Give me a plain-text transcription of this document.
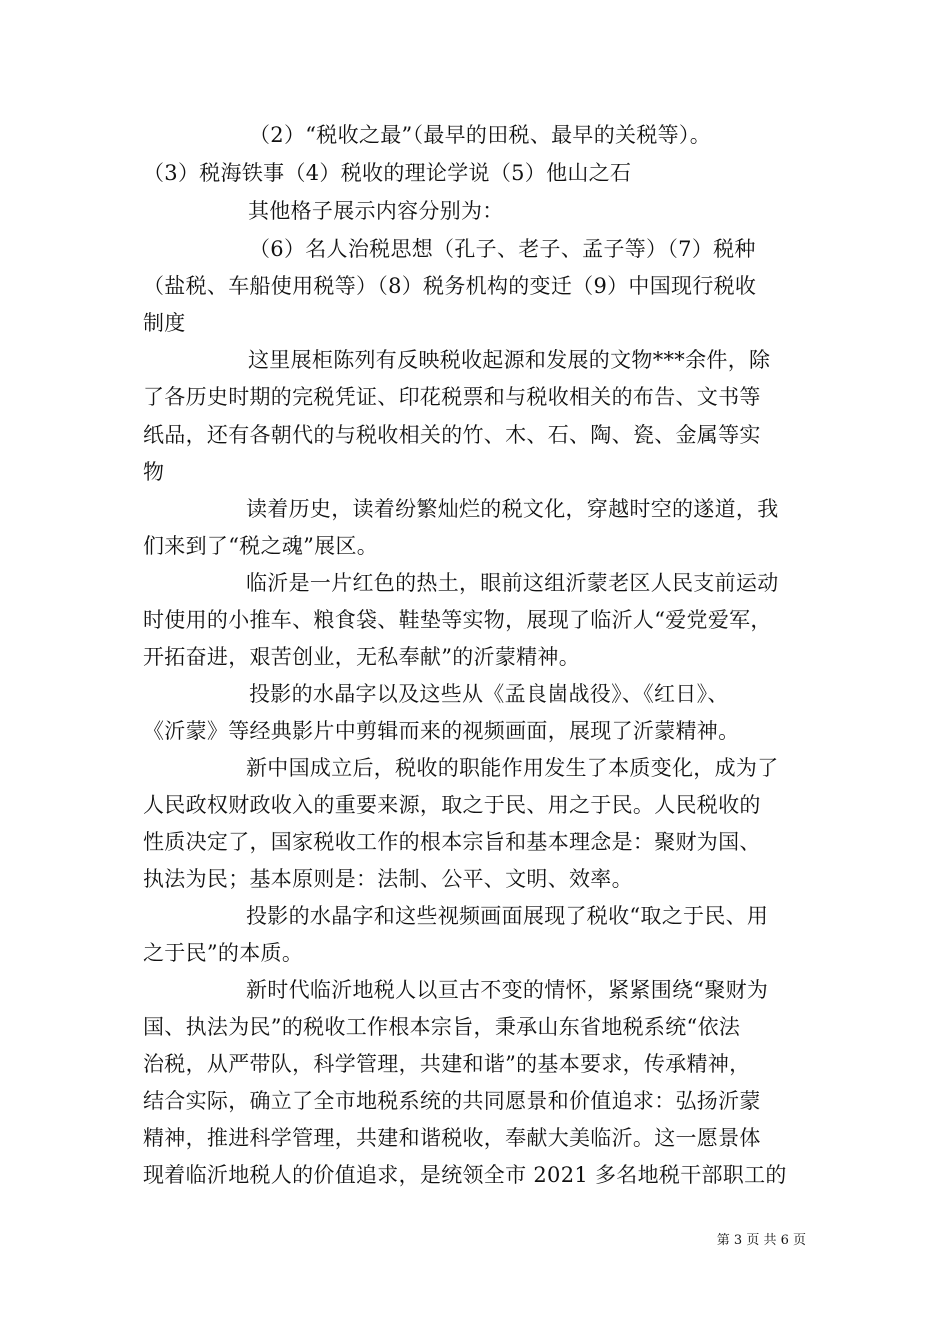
（2）“税收之最”（最早的田税、最早的关税等）。
（3）税海铁事（4）税收的理论学说（5）他山之石
其他格子展示内容分别为：
（6）名人治税思想（孔子、老子、孟子等）（7）税种
（盐税、车船使用税等）（8）税务机构的变迁（9）中国现行税收
制度
这里展柜陈列有反映税收起源和发展的文物***余件，除
了各历史时期的完税凭证、印花税票和与税收相关的布告、文书等
纸品，还有各朝代的与税收相关的竹、木、石、陶、瓷、金属等实
物
读着历史，读着纷繁灿烂的税文化，穿越时空的遂道，我
们来到了“税之魂”展区。
临沂是一片红色的热土，眼前这组沂蒙老区人民支前运动
时使用的小推车、粮食袋、鞋垫等实物，展现了临沂人“爱党爱军，
开拓奋进，艰苦创业，无私奉献”的沂蒙精神。
投影的水晶字以及这些从《孟良崮战役》、《红日》、
《沂蒙》等经典影片中剪辑而来的视频画面，展现了沂蒙精神。
新中国成立后，税收的职能作用发生了本质变化，成为了
人民政权财政收入的重要来源，取之于民、用之于民。人民税收的
性质决定了，国家税收工作的根本宗旨和基本理念是：聚财为国、
执法为民；基本原则是：法制、公平、文明、效率。
投影的水晶字和这些视频画面展现了税收“取之于民、用
之于民”的本质。
新时代临沂地税人以亘古不变的情怀，紧紧围绕“聚财为
国、执法为民”的税收工作根本宗旨，秉承山东省地税系统“依法
治税，从严带队，科学管理，共建和谐”的基本要求，传承精神，
结合实际，确立了全市地税系统的共同愿景和价值追求：弘扬沂蒙
精神，推进科学管理，共建和谐税收，奉献大美临沂。这一愿景体
现着临沂地税人的价值追求，是统领全市 2021 多名地税干部职工的
第 3 页 共 6 页
